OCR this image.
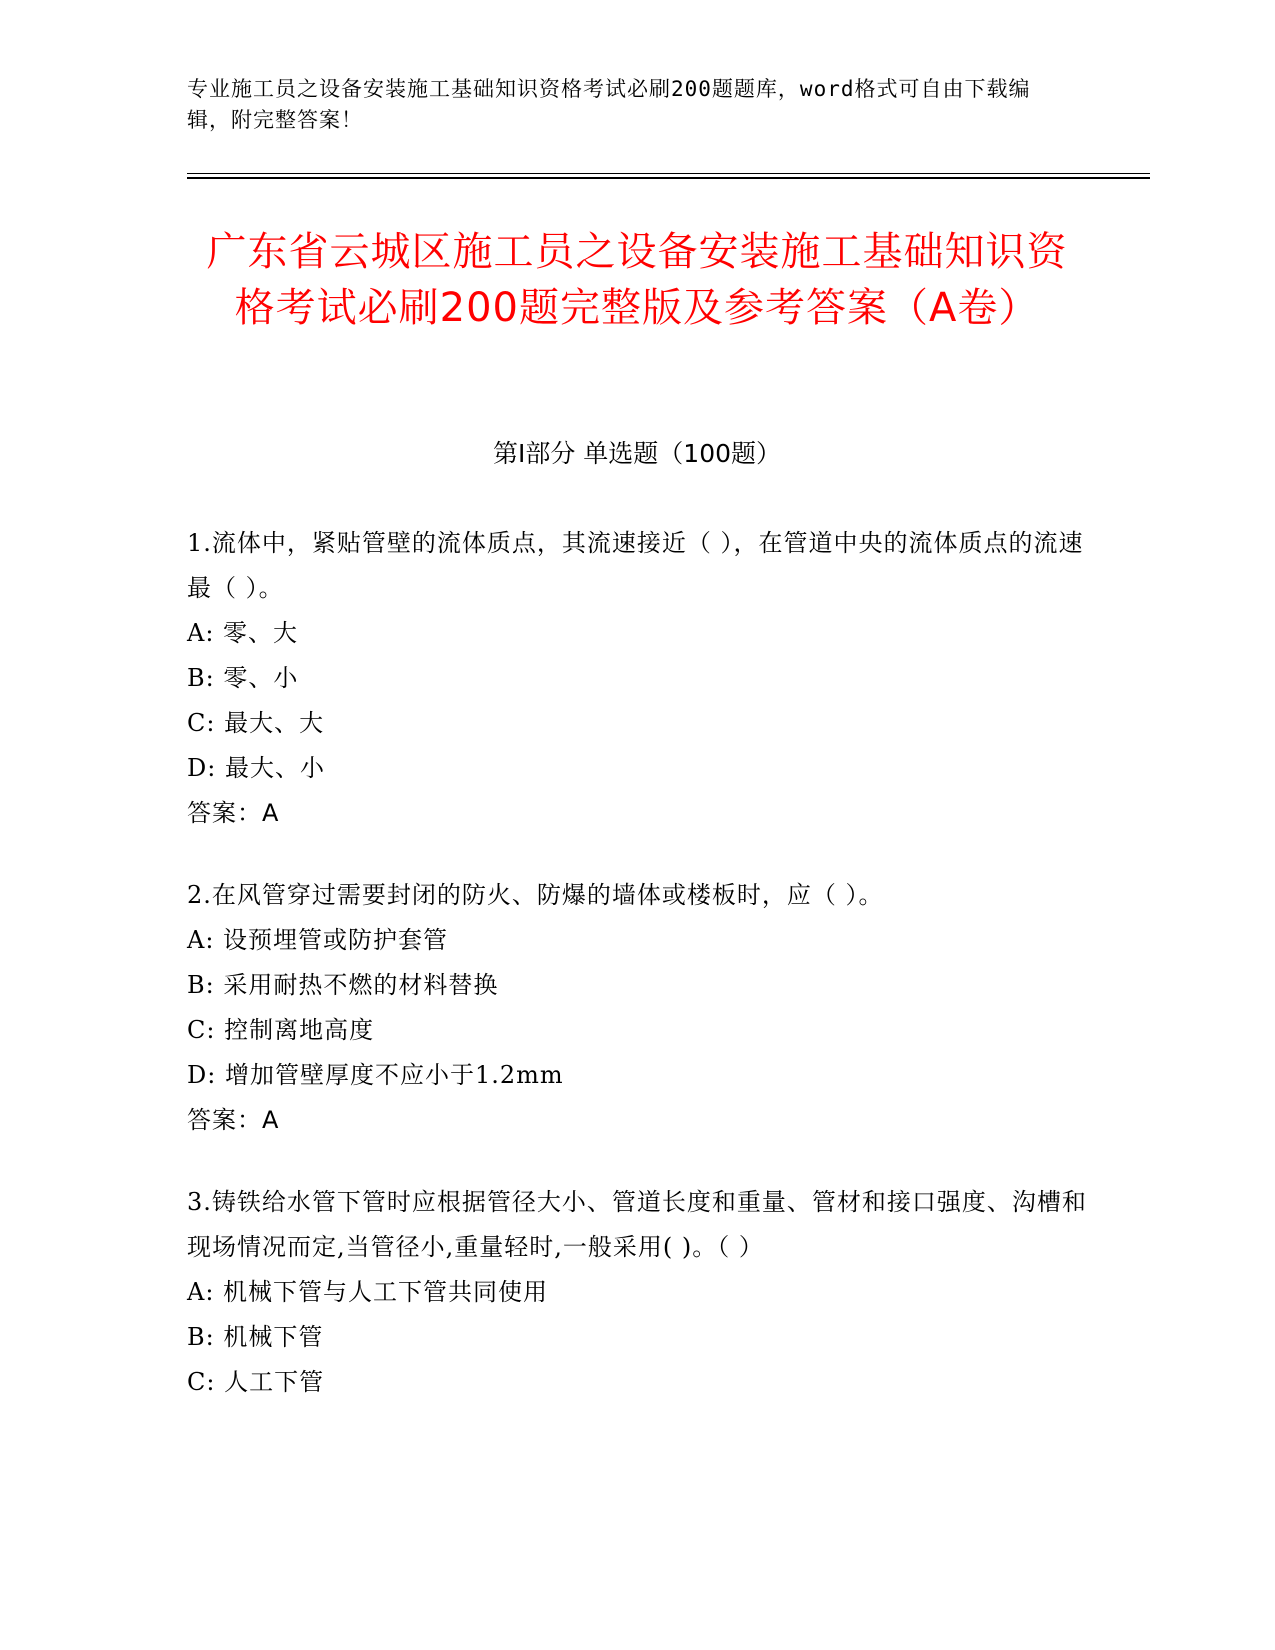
专业施工员之设备安装施工基础知识资格考试必刷200题题库，word格式可自由下载编辑，附完整答案！
广东省云城区施工员之设备安装施工基础知识资格考试必刷200题完整版及参考答案（A卷）
第Ⅰ部分 单选题（100题）

1.流体中，紧贴管壁的流体质点，其流速接近（ ），在管道中央的流体质点的流速最（ ）。

A: 零、大

B: 零、小

C: 最大、大

D: 最大、小

答案：A

2.在风管穿过需要封闭的防火、防爆的墙体或楼板时，应（ ）。

A: 设预埋管或防护套管

B: 采用耐热不燃的材料替换

C: 控制离地高度

D: 增加管壁厚度不应小于1.2mm

答案：A

3.铸铁给水管下管时应根据管径大小、管道长度和重量、管材和接口强度、沟槽和现场情况而定,当管径小,重量轻时,一般采用( )。（ ）

A: 机械下管与人工下管共同使用

B: 机械下管

C: 人工下管
